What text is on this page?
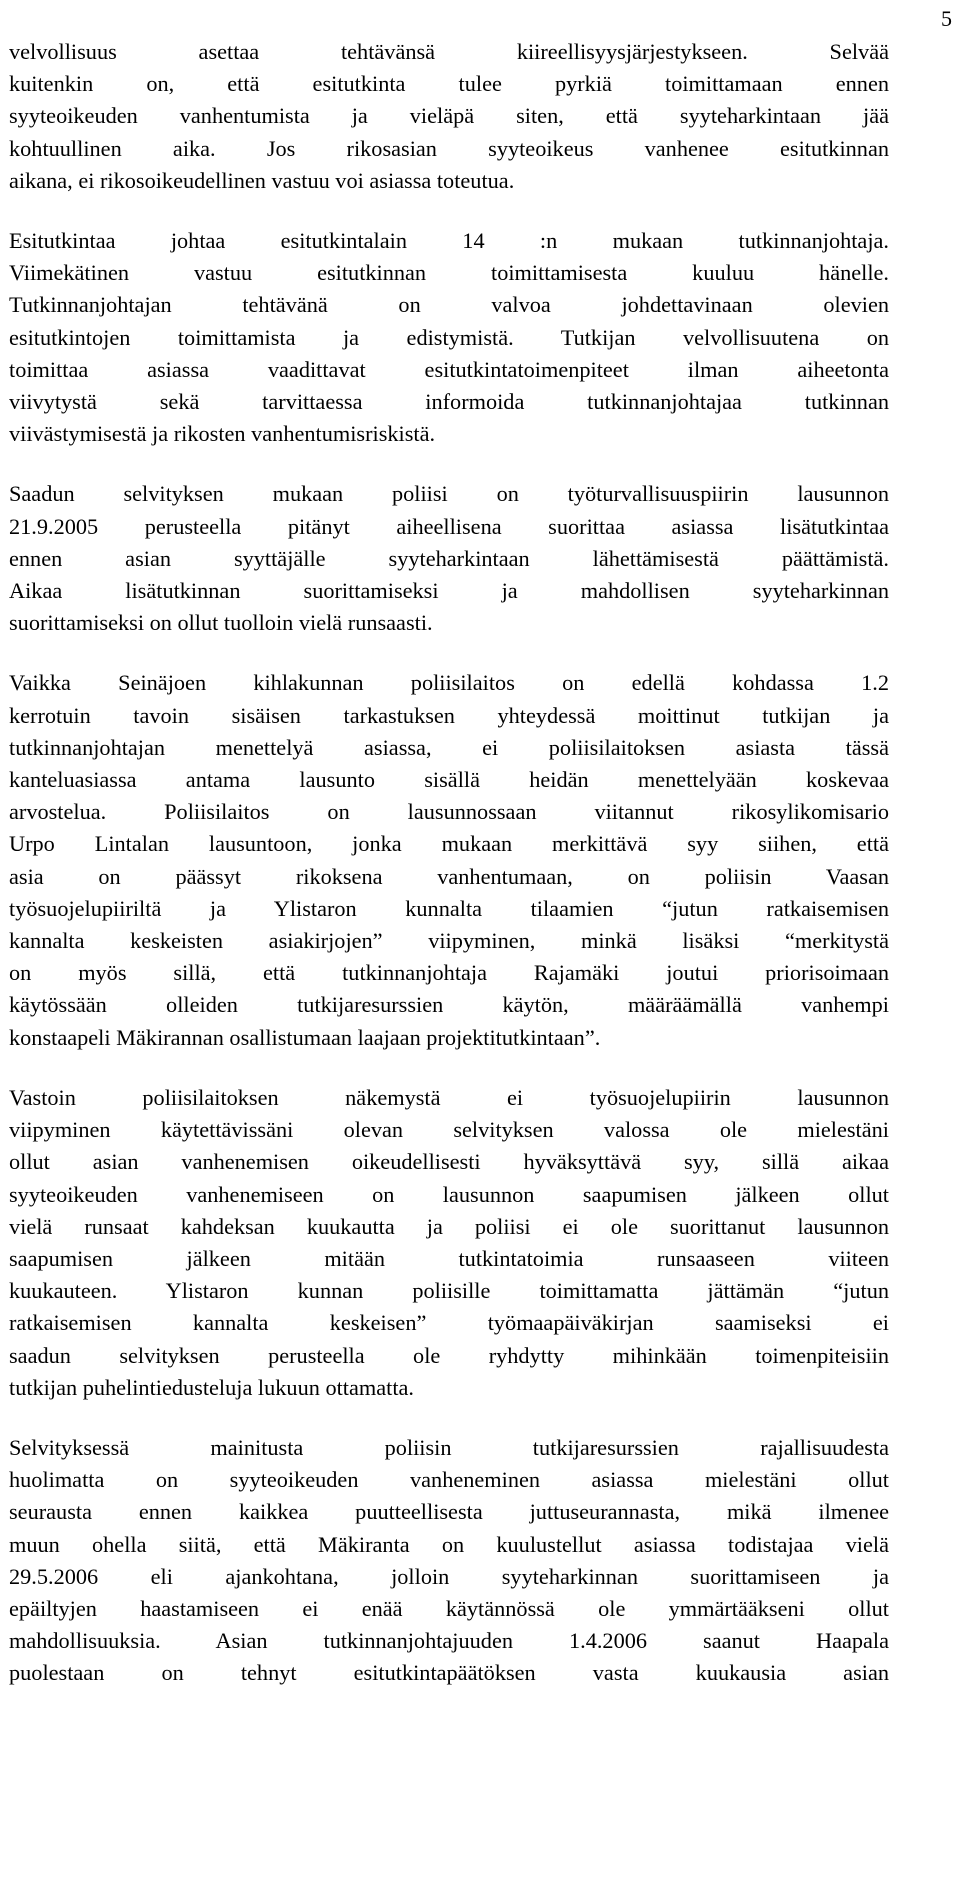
5
velvollisuus asettaa tehtävänsä kiireellisyysjärjestykseen. Selvää
kuitenkin on, että esitutkinta tulee pyrkiä toimittamaan ennen
syyteoikeuden vanhentumista ja vieläpä siten, että syyteharkintaan jää
kohtuullinen aika. Jos rikosasian syyteoikeus vanhenee esitutkinnan
aikana, ei rikosoikeudellinen vastuu voi asiassa toteutua.
Esitutkintaa johtaa esitutkintalain 14 :n mukaan tutkinnanjohtaja.
Viimekätinen vastuu esitutkinnan toimittamisesta kuuluu hänelle.
Tutkinnanjohtajan tehtävänä on valvoa johdettavinaan olevien
esitutkintojen toimittamista ja edistymistä. Tutkijan velvollisuutena on
toimittaa asiassa vaadittavat esitutkintatoimenpiteet ilman aiheetonta
viivytystä sekä tarvittaessa informoida tutkinnanjohtajaa tutkinnan
viivästymisestä ja rikosten vanhentumisriskistä.
Saadun selvityksen mukaan poliisi on työturvallisuuspiirin lausunnon
21.9.2005 perusteella pitänyt aiheellisena suorittaa asiassa lisätutkintaa
ennen asian syyttäjälle syyteharkintaan lähettämisestä päättämistä.
Aikaa lisätutkinnan suorittamiseksi ja mahdollisen syyteharkinnan
suorittamiseksi on ollut tuolloin vielä runsaasti.
Vaikka Seinäjoen kihlakunnan poliisilaitos on edellä kohdassa 1.2
kerrotuin tavoin sisäisen tarkastuksen yhteydessä moittinut tutkijan ja
tutkinnanjohtajan menettelyä asiassa, ei poliisilaitoksen asiasta tässä
kanteluasiassa antama lausunto sisällä heidän menettelyään koskevaa
arvostelua. Poliisilaitos on lausunnossaan viitannut rikosylikomisario
Urpo Lintalan lausuntoon, jonka mukaan merkittävä syy siihen, että
asia on päässyt rikoksena vanhentumaan, on poliisin Vaasan
työsuojelupiiriltä ja Ylistaron kunnalta tilaamien “jutun ratkaisemisen
kannalta keskeisten asiakirjojen” viipyminen, minkä lisäksi “merkitystä
on myös sillä, että tutkinnanjohtaja Rajamäki joutui priorisoimaan
käytössään olleiden tutkijaresurssien käytön, määräämällä vanhempi
konstaapeli Mäkirannan osallistumaan laajaan projektitutkintaan”.
Vastoin poliisilaitoksen näkemystä ei työsuojelupiirin lausunnon
viipyminen käytettävissäni olevan selvityksen valossa ole mielestäni
ollut asian vanhenemisen oikeudellisesti hyväksyttävä syy, sillä aikaa
syyteoikeuden vanhenemiseen on lausunnon saapumisen jälkeen ollut
vielä runsaat kahdeksan kuukautta ja poliisi ei ole suorittanut lausunnon
saapumisen jälkeen mitään tutkintatoimia runsaaseen viiteen
kuukauteen. Ylistaron kunnan poliisille toimittamatta jättämän “jutun
ratkaisemisen kannalta keskeisen” työmaapäiväkirjan saamiseksi ei
saadun selvityksen perusteella ole ryhdytty mihinkään toimenpiteisiin
tutkijan puhelintiedusteluja lukuun ottamatta.
Selvityksessä mainitusta poliisin tutkijaresurssien rajallisuudesta
huolimatta on syyteoikeuden vanheneminen asiassa mielestäni ollut
seurausta ennen kaikkea puutteellisesta juttuseurannasta, mikä ilmenee
muun ohella siitä, että Mäkiranta on kuulustellut asiassa todistajaa vielä
29.5.2006 eli ajankohtana, jolloin syyteharkinnan suorittamiseen ja
epäiltyjen haastamiseen ei enää käytännössä ole ymmärtääkseni ollut
mahdollisuuksia. Asian tutkinnanjohtajuuden 1.4.2006 saanut Haapala
puolestaan on tehnyt esitutkintapäätöksen vasta kuukausia asian
